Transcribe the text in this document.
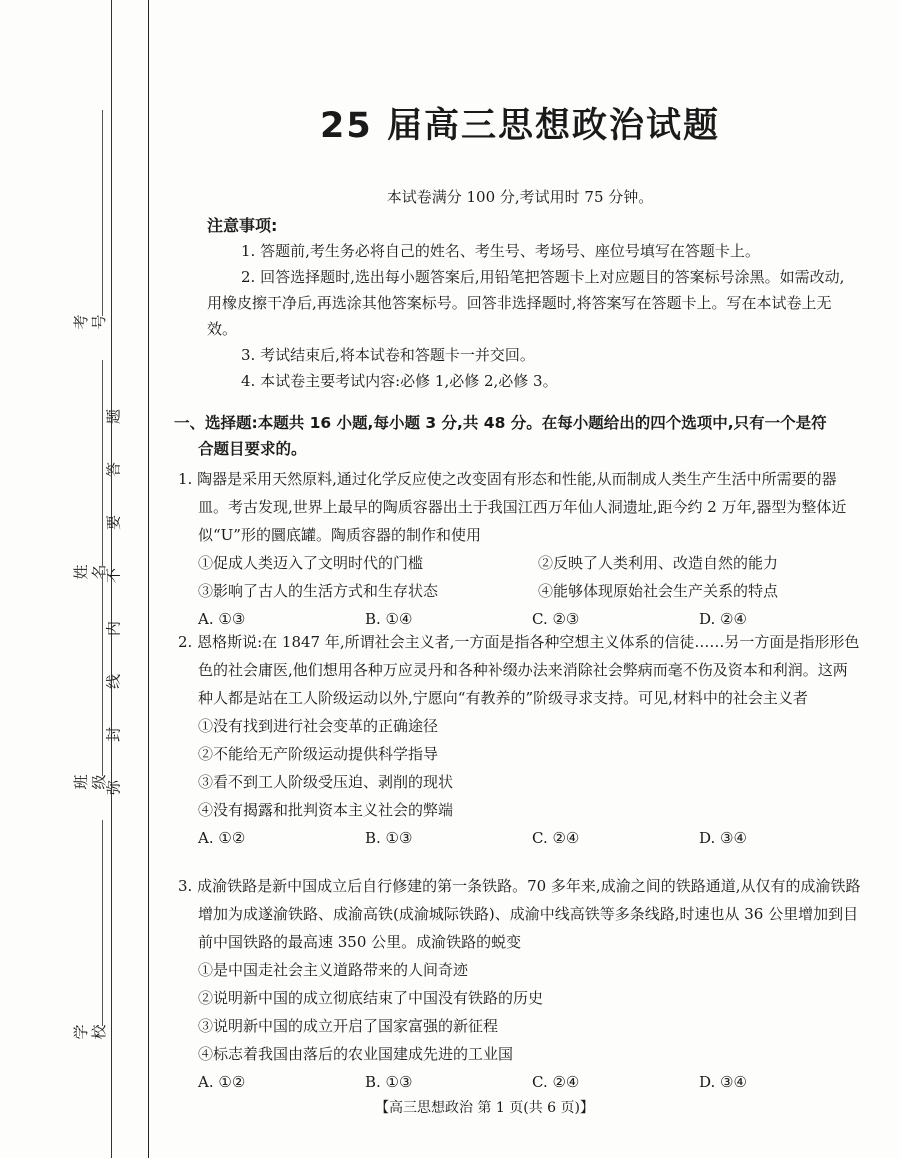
考号
姓名
班级
学校
题
答
要
不
内
线
封
弥
25 届高三思想政治试题
本试卷满分 100 分,考试用时 75 分钟。
注意事项:

1. 答题前,考生务必将自己的姓名、考生号、考场号、座位号填写在答题卡上。

2. 回答选择题时,选出每小题答案后,用铅笔把答题卡上对应题目的答案标号涂黑。如需改动,用橡皮擦干净后,再选涂其他答案标号。回答非选择题时,将答案写在答题卡上。写在本试卷上无效。

3. 考试结束后,将本试卷和答题卡一并交回。

4. 本试卷主要考试内容:必修 1,必修 2,必修 3。

一、选择题:本题共 16 小题,每小题 3 分,共 48 分。在每小题给出的四个选项中,只有一个是符
合题目要求的。

1. 陶器是采用天然原料,通过化学反应使之改变固有形态和性能,从而制成人类生产生活中所需要的器皿。考古发现,世界上最早的陶质容器出土于我国江西万年仙人洞遗址,距今约 2 万年,器型为整体近似“U”形的圜底罐。陶质容器的制作和使用

①促成人类迈入了文明时代的门槛	②反映了人类利用、改造自然的能力
③影响了古人的生活方式和生存状态	④能够体现原始社会生产关系的特点
A. ①③	B. ①④	C. ②③	D. ②④

2. 恩格斯说:在 1847 年,所谓社会主义者,一方面是指各种空想主义体系的信徒……另一方面是指形形色色的社会庸医,他们想用各种万应灵丹和各种补缀办法来消除社会弊病而毫不伤及资本和利润。这两种人都是站在工人阶级运动以外,宁愿向“有教养的”阶级寻求支持。可见,材料中的社会主义者

①没有找到进行社会变革的正确途径
②不能给无产阶级运动提供科学指导
③看不到工人阶级受压迫、剥削的现状
④没有揭露和批判资本主义社会的弊端
A. ①②	B. ①③	C. ②④	D. ③④

3. 成渝铁路是新中国成立后自行修建的第一条铁路。70 多年来,成渝之间的铁路通道,从仅有的成渝铁路增加为成遂渝铁路、成渝高铁(成渝城际铁路)、成渝中线高铁等多条线路,时速也从 36 公里增加到目前中国铁路的最高速 350 公里。成渝铁路的蜕变

①是中国走社会主义道路带来的人间奇迹
②说明新中国的成立彻底结束了中国没有铁路的历史
③说明新中国的成立开启了国家富强的新征程
④标志着我国由落后的农业国建成先进的工业国
A. ①②	B. ①③	C. ②④	D. ③④
【高三思想政治 第 1 页(共 6 页)】
